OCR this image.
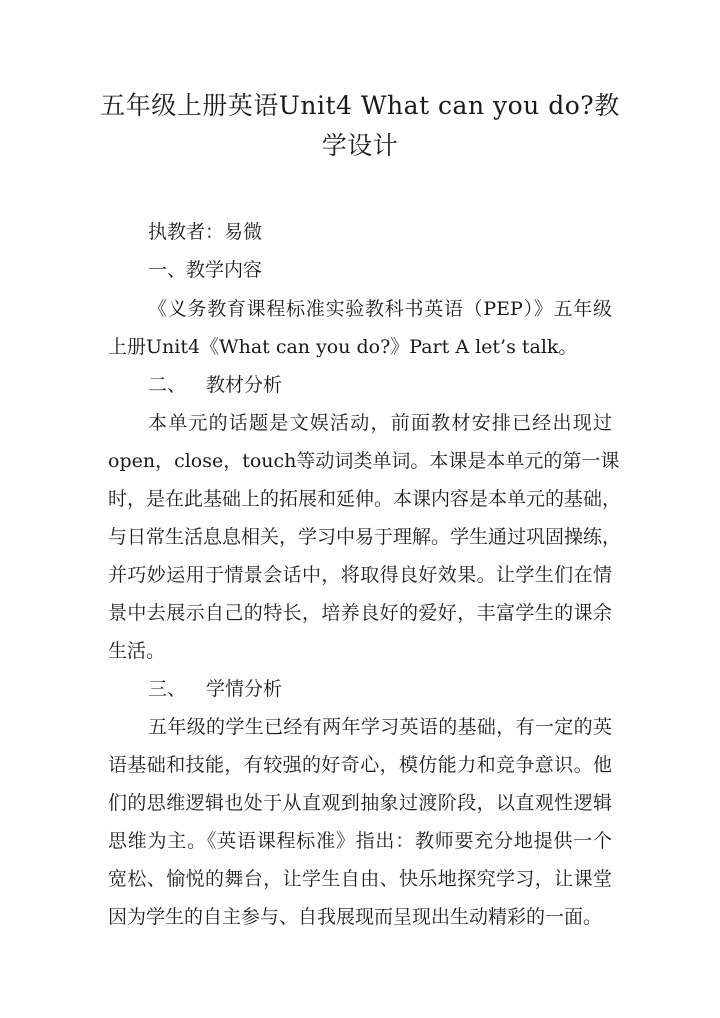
五年级上册英语Unit4 What can you do?教
学设计
执教者：易微
一、教学内容
《义务教育课程标准实验教科书英语（PEP）》五年级
上册Unit4《What can you do?》Part A let’s talk。
二、 教材分析
本单元的话题是文娱活动，前面教材安排已经出现过
open，close，touch等动词类单词。本课是本单元的第一课
时，是在此基础上的拓展和延伸。本课内容是本单元的基础，
与日常生活息息相关，学习中易于理解。学生通过巩固操练，
并巧妙运用于情景会话中，将取得良好效果。让学生们在情
景中去展示自己的特长，培养良好的爱好，丰富学生的课余
生活。
三、 学情分析
五年级的学生已经有两年学习英语的基础，有一定的英
语基础和技能，有较强的好奇心，模仿能力和竞争意识。他
们的思维逻辑也处于从直观到抽象过渡阶段，以直观性逻辑
思维为主。《英语课程标准》指出：教师要充分地提供一个
宽松、愉悦的舞台，让学生自由、快乐地探究学习，让课堂
因为学生的自主参与、自我展现而呈现出生动精彩的一面。
